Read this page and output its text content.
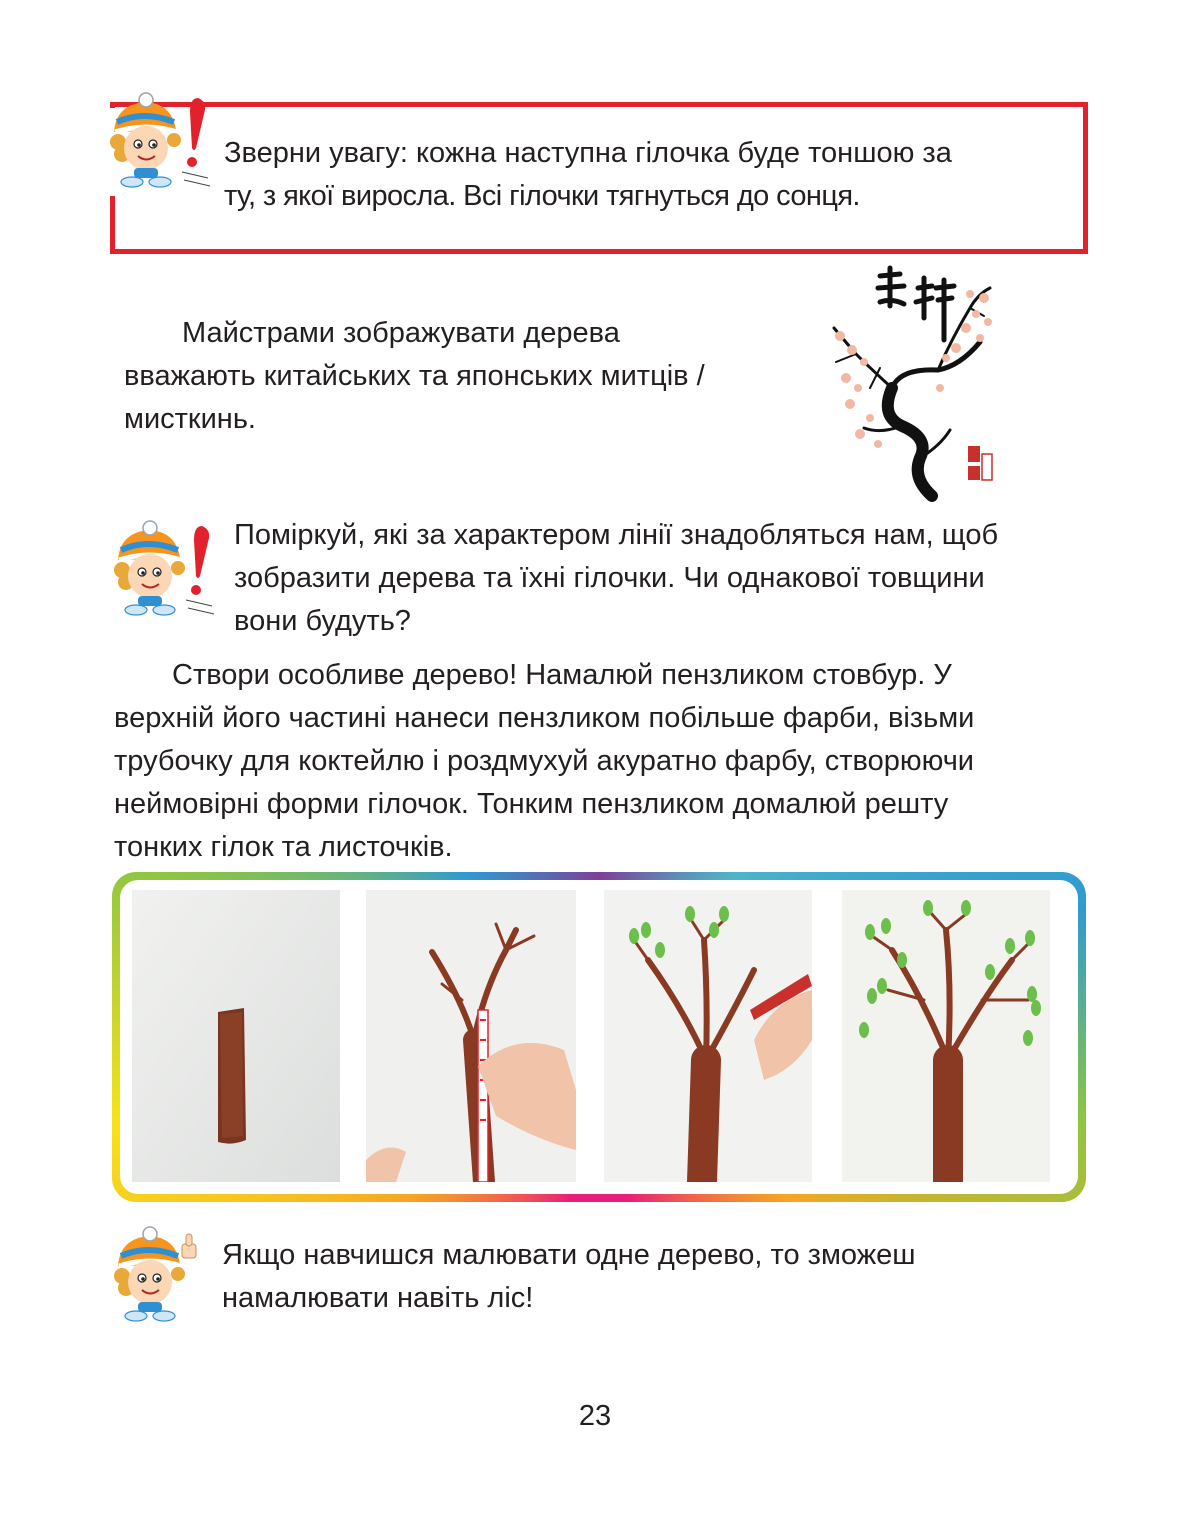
Зверни увагу: кожна наступна гілочка буде тоншою за

ту, з якої виросла. Всі гілочки тягнуться до сонця.

Майстрами зображувати дерева

вважають китайських та японських митців /

мисткинь.

Поміркуй, які за характером лінії знадобляться нам, щоб

зобразити дерева та їхні гілочки. Чи однакової товщини

вони будуть?

Створи особливе дерево! Намалюй пензликом стовбур. У

верхній його частині нанеси пензликом побільше фарби, візьми

трубочку для коктейлю і роздмухуй акуратно фарбу, створюючи

неймовірні форми гілочок. Тонким пензликом домалюй решту

тонких гілок та листочків.

Якщо навчишся малювати одне дерево, то зможеш

намалювати навіть ліс!

23
